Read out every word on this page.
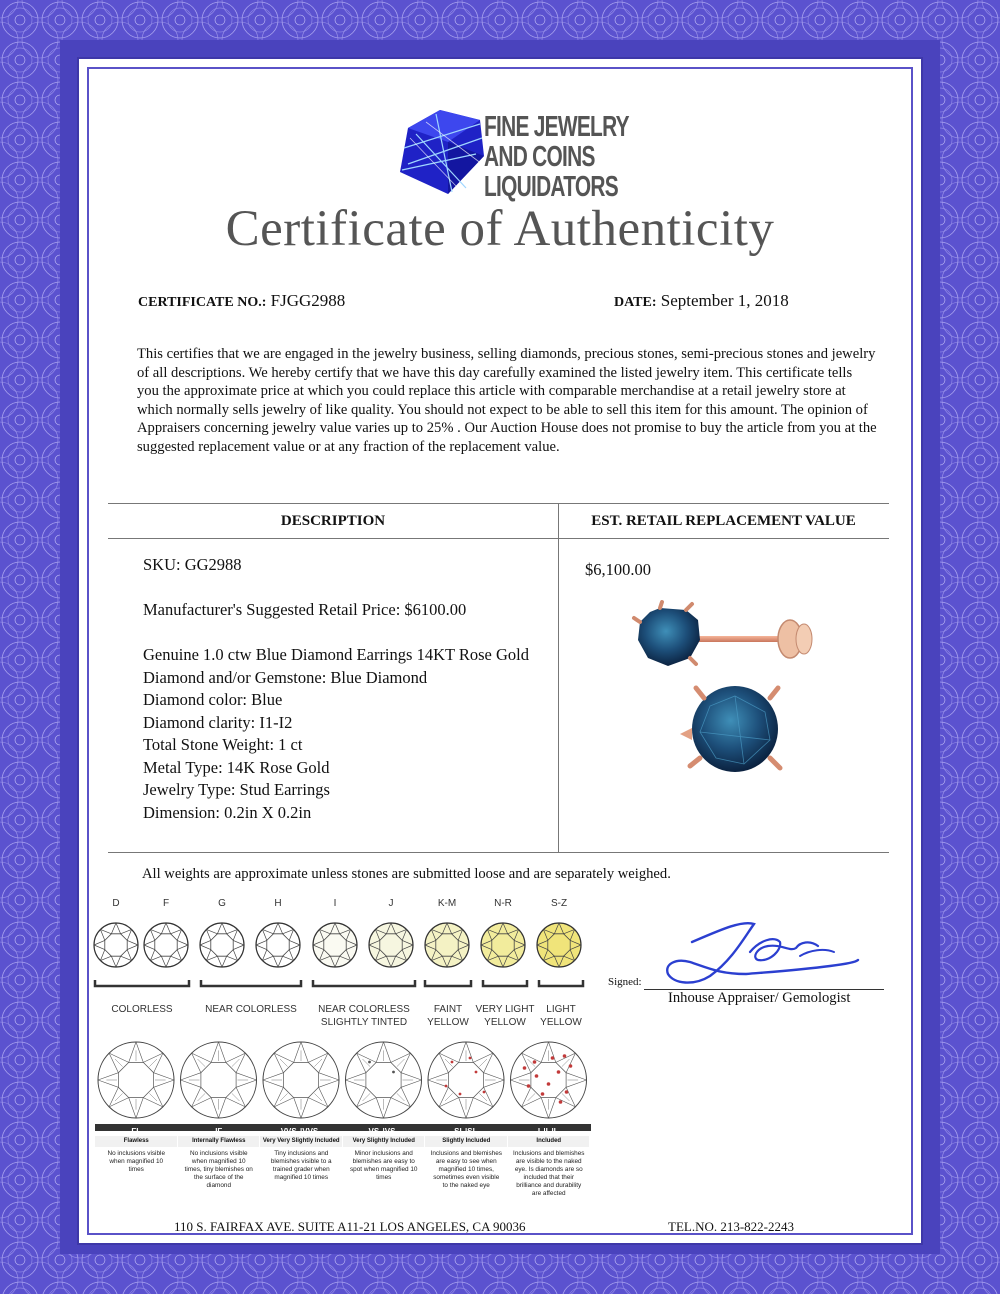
FINE JEWELRY
AND COINS
LIQUIDATORS
Certificate of Authenticity
CERTIFICATE NO.: FJGG2988	DATE: September 1, 2018
This certifies that we are engaged in the jewelry business, selling diamonds, precious stones, semi-precious stones and jewelry of all descriptions. We hereby certify that we have this day carefully examined the listed jewelry item. This certificate tells you the approximate price at which you could replace this article with comparable merchandise at a retail jewelry store at which normally sells jewelry of like quality. You should not expect to be able to sell this item for this amount. The opinion of Appraisers concerning jewelry value varies up to 25% . Our Auction House does not promise to buy the article from you at the suggested replacement value or at any fraction of the replacement value.
DESCRIPTION	EST. RETAIL REPLACEMENT VALUE
SKU: GG2988
Manufacturer's Suggested Retail Price: $6100.00
Genuine 1.0 ctw Blue Diamond Earrings 14KT Rose Gold
Diamond and/or Gemstone: Blue Diamond
Diamond color: Blue
Diamond clarity: I1-I2
Total Stone Weight: 1 ct
Metal Type: 14K Rose Gold
Jewelry Type: Stud Earrings
Dimension: 0.2in X 0.2in
$6,100.00
All weights are approximate unless stones are submitted loose and are separately weighed.
D	F	G	H	I	J	K-M	N-R	S-Z
COLORLESS	NEAR COLORLESS	NEAR COLORLESS
SLIGHTLY TINTED
FAINT
YELLOW
VERY LIGHT
YELLOW
LIGHT
YELLOW
FL
Flawless
No inclusions visible
when magnified 10
times
IF
Internally Flawless
No inclusions visible
when magnified 10
times, tiny blemishes on
the surface of the
diamond
VVS₁|VVS₂
Very Very Slightly Included
Tiny inclusions and
blemishes visible to a
trained grader when
magnified 10 times
VS₁|VS₂
Very Slightly Included
Minor inclusions and
blemishes are easy to
spot when magnified 10
times
SI₁|SI₂
Slightly Included
Inclusions and blemishes
are easy to see when
magnified 10 times,
sometimes even visible
to the naked eye
I₁|I₂|I₃
Included
Inclusions and blemishes
are visible to the naked
eye. Is diamonds are so
included that their
brilliance and durability
are affected
Signed:
Inhouse Appraiser/ Gemologist
110 S. FAIRFAX AVE. SUITE A11-21 LOS ANGELES, CA 90036	TEL.NO. 213-822-2243
